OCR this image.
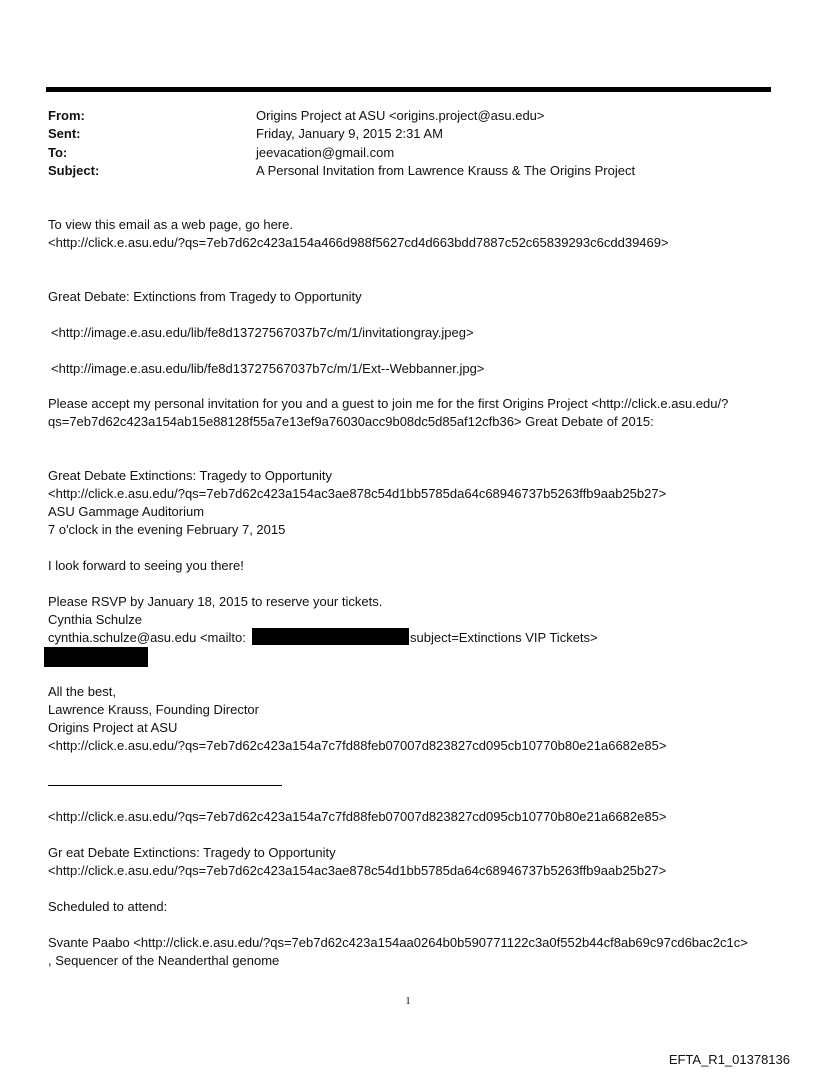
From:	Origins Project at ASU <origins.project@asu.edu>
Sent:	Friday, January 9, 2015 2:31 AM
To:	jeevacation@gmail.com
Subject:	A Personal Invitation from Lawrence Krauss & The Origins Project
To view this email as a web page, go here.
<http://click.e.asu.edu/?qs=7eb7d62c423a154a466d988f5627cd4d663bdd7887c52c65839293c6cdd39469>
Great Debate: Extinctions from Tragedy to Opportunity
<http://image.e.asu.edu/lib/fe8d13727567037b7c/m/1/invitationgray.jpeg>
<http://image.e.asu.edu/lib/fe8d13727567037b7c/m/1/Ext--Webbanner.jpg>
Please accept my personal invitation for you and a guest to join me for the first Origins Project <http://click.e.asu.edu/?qs=7eb7d62c423a154ab15e88128f55a7e13ef9a76030acc9b08dc5d85af12cfb36> Great Debate of 2015:
Great Debate Extinctions: Tragedy to Opportunity
<http://click.e.asu.edu/?qs=7eb7d62c423a154ac3ae878c54d1bb5785da64c68946737b5263ffb9aab25b27>
ASU Gammage Auditorium
7 o'clock in the evening February 7, 2015
I look forward to seeing you there!
Please RSVP by January 18, 2015 to reserve your tickets.
Cynthia Schulze
cynthia.schulze@asu.edu <mailto:	subject=Extinctions VIP Tickets>
All the best,
Lawrence Krauss, Founding Director
Origins Project at ASU
<http://click.e.asu.edu/?qs=7eb7d62c423a154a7c7fd88feb07007d823827cd095cb10770b80e21a6682e85>
<http://click.e.asu.edu/?qs=7eb7d62c423a154a7c7fd88feb07007d823827cd095cb10770b80e21a6682e85>
Gr eat Debate Extinctions: Tragedy to Opportunity
<http://click.e.asu.edu/?qs=7eb7d62c423a154ac3ae878c54d1bb5785da64c68946737b5263ffb9aab25b27>
Scheduled to attend:
Svante Paabo <http://click.e.asu.edu/?qs=7eb7d62c423a154aa0264b0b590771122c3a0f552b44cf8ab69c97cd6bac2c1c>
, Sequencer of the Neanderthal genome
1
EFTA_R1_01378136
